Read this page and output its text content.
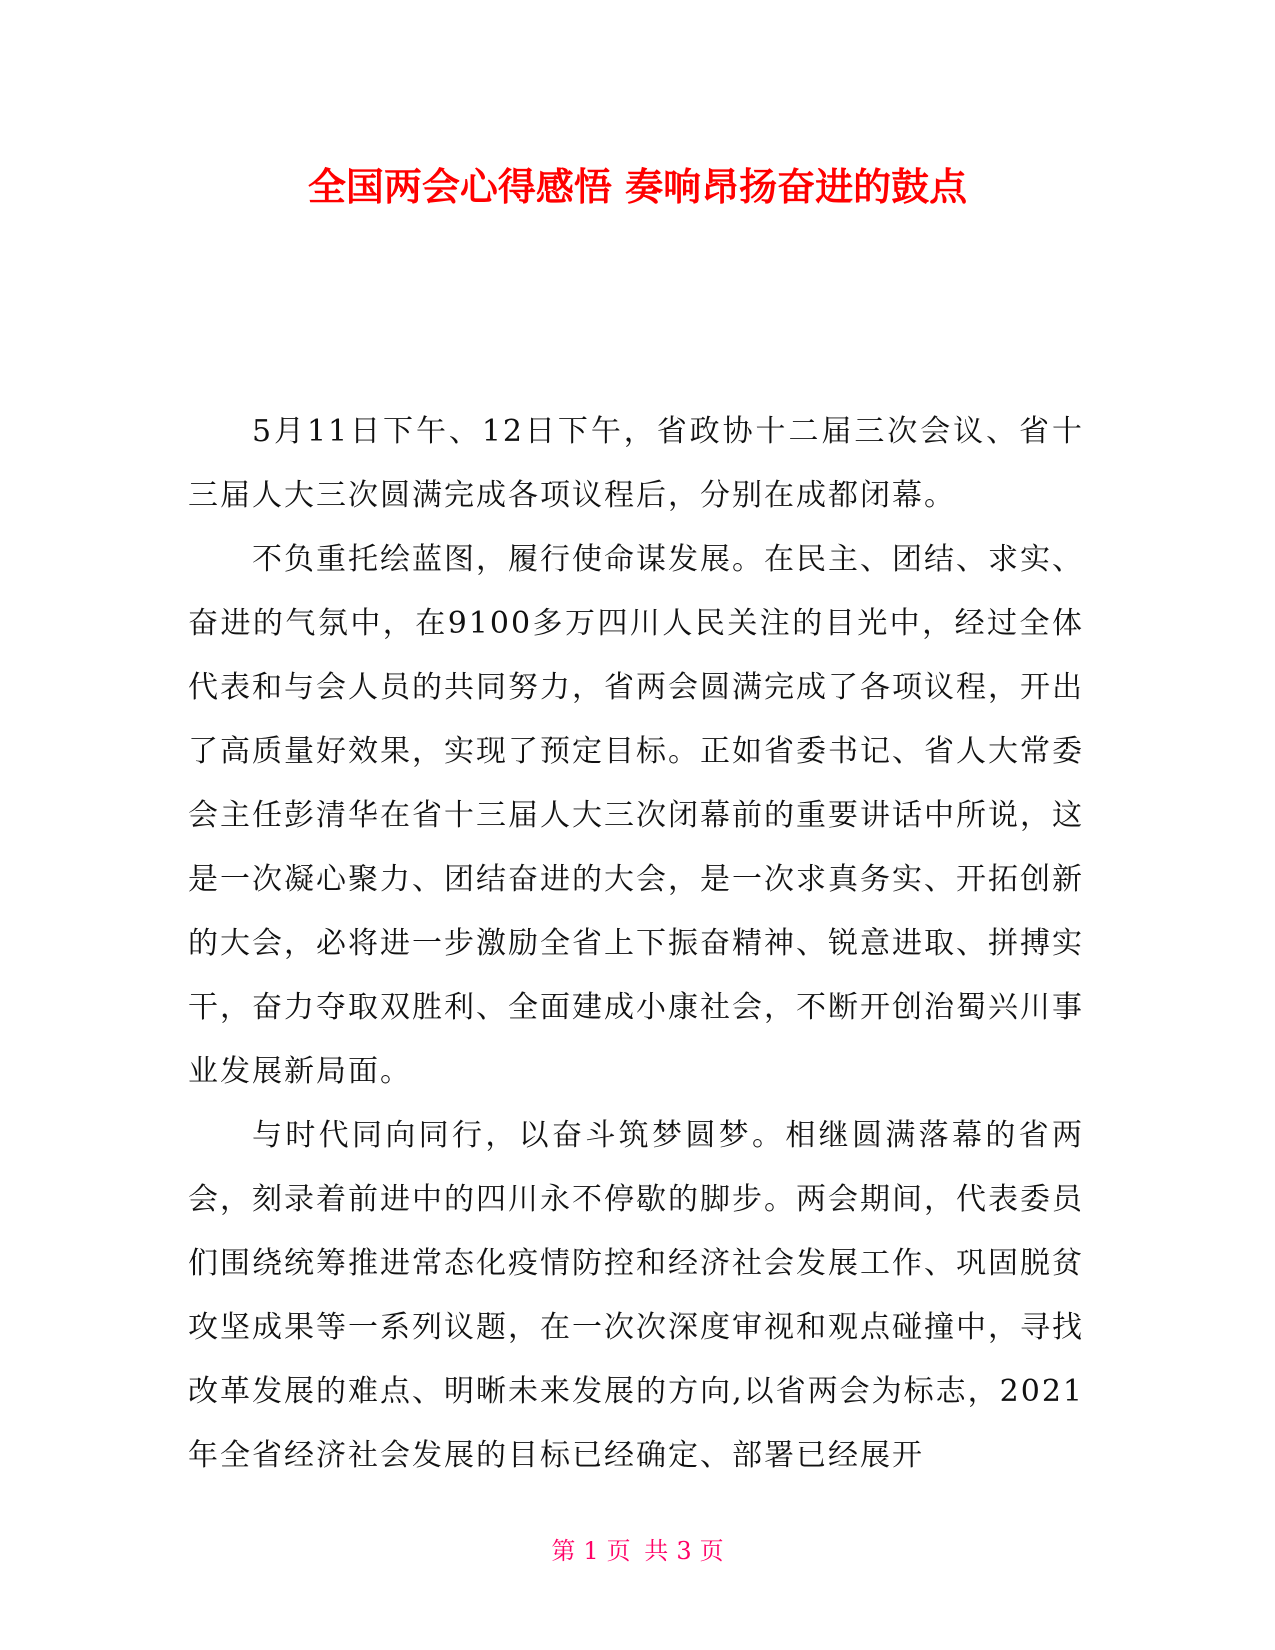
全国两会心得感悟 奏响昂扬奋进的鼓点

5月11日下午、12日下午，省政协十二届三次会议、省十三届人大三次圆满完成各项议程后，分别在成都闭幕。

不负重托绘蓝图，履行使命谋发展。在民主、团结、求实、奋进的气氛中，在9100多万四川人民关注的目光中，经过全体代表和与会人员的共同努力，省两会圆满完成了各项议程，开出了高质量好效果，实现了预定目标。正如省委书记、省人大常委会主任彭清华在省十三届人大三次闭幕前的重要讲话中所说，这是一次凝心聚力、团结奋进的大会，是一次求真务实、开拓创新的大会，必将进一步激励全省上下振奋精神、锐意进取、拼搏实干，奋力夺取双胜利、全面建成小康社会，不断开创治蜀兴川事业发展新局面。

与时代同向同行，以奋斗筑梦圆梦。相继圆满落幕的省两会，刻录着前进中的四川永不停歇的脚步。两会期间，代表委员们围绕统筹推进常态化疫情防控和经济社会发展工作、巩固脱贫攻坚成果等一系列议题，在一次次深度审视和观点碰撞中，寻找改革发展的难点、明晰未来发展的方向,以省两会为标志，2021年全省经济社会发展的目标已经确定、部署已经展开

第 1 页 共 3 页
